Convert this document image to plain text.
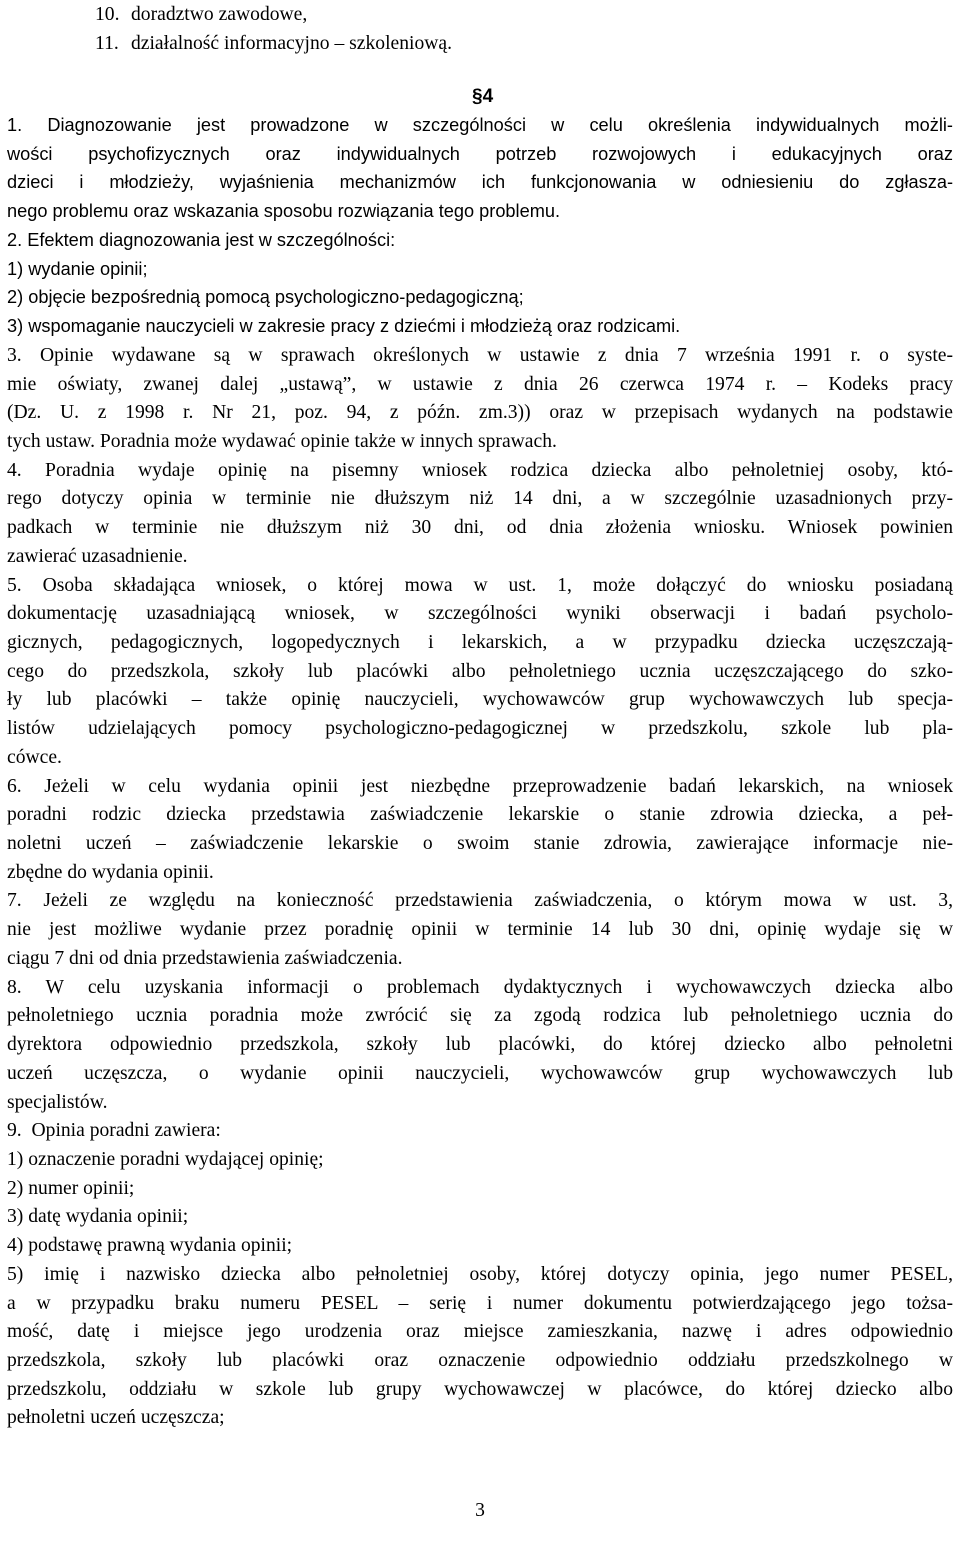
10. doradztwo zawodowe,
11. działalność informacyjno – szkoleniową.
§4
1. Diagnozowanie jest prowadzone w szczególności w celu określenia indywidualnych możli-
wości psychofizycznych oraz indywidualnych potrzeb rozwojowych i edukacyjnych oraz
dzieci i młodzieży, wyjaśnienia mechanizmów ich funkcjonowania w odniesieniu do zgłasza-
nego problemu oraz wskazania sposobu rozwiązania tego problemu.
2. Efektem diagnozowania jest w szczególności:
1) wydanie opinii;
2) objęcie bezpośrednią pomocą psychologiczno-pedagogiczną;
3) wspomaganie nauczycieli w zakresie pracy z dziećmi i młodzieżą oraz rodzicami.
3. Opinie wydawane są w sprawach określonych w ustawie z dnia 7 września 1991 r. o syste-
mie oświaty, zwanej dalej „ustawą”, w ustawie z dnia 26 czerwca 1974 r. – Kodeks pracy
(Dz. U. z 1998 r. Nr 21, poz. 94, z późn. zm.3)) oraz w przepisach wydanych na podstawie
tych ustaw. Poradnia może wydawać opinie także w innych sprawach.
4. Poradnia wydaje opinię na pisemny wniosek rodzica dziecka albo pełnoletniej osoby, któ-
rego dotyczy opinia w terminie nie dłuższym niż 14 dni, a w szczególnie uzasadnionych przy-
padkach w terminie nie dłuższym niż 30 dni, od dnia złożenia wniosku. Wniosek powinien
zawierać uzasadnienie.
5. Osoba składająca wniosek, o której mowa w ust. 1, może dołączyć do wniosku posiadaną
dokumentację uzasadniającą wniosek, w szczególności wyniki obserwacji i badań psycholo-
gicznych, pedagogicznych, logopedycznych i lekarskich, a w przypadku dziecka uczęszczają-
cego do przedszkola, szkoły lub placówki albo pełnoletniego ucznia uczęszczającego do szko-
ły lub placówki – także opinię nauczycieli, wychowawców grup wychowawczych lub specja-
listów udzielających pomocy psychologiczno-pedagogicznej w przedszkolu, szkole lub pla-
cówce.
6. Jeżeli w celu wydania opinii jest niezbędne przeprowadzenie badań lekarskich, na wniosek
poradni rodzic dziecka przedstawia zaświadczenie lekarskie o stanie zdrowia dziecka, a peł-
noletni uczeń – zaświadczenie lekarskie o swoim stanie zdrowia, zawierające informacje nie-
zbędne do wydania opinii.
7. Jeżeli ze względu na konieczność przedstawienia zaświadczenia, o którym mowa w ust. 3,
nie jest możliwe wydanie przez poradnię opinii w terminie 14 lub 30 dni, opinię wydaje się w
ciągu 7 dni od dnia przedstawienia zaświadczenia.
8. W celu uzyskania informacji o problemach dydaktycznych i wychowawczych dziecka albo
pełnoletniego ucznia poradnia może zwrócić się za zgodą rodzica lub pełnoletniego ucznia do
dyrektora odpowiednio przedszkola, szkoły lub placówki, do której dziecko albo pełnoletni
uczeń uczęszcza, o wydanie opinii nauczycieli, wychowawców grup wychowawczych lub
specjalistów.
9.  Opinia poradni zawiera:
1) oznaczenie poradni wydającej opinię;
2) numer opinii;
3) datę wydania opinii;
4) podstawę prawną wydania opinii;
5) imię i nazwisko dziecka albo pełnoletniej osoby, której dotyczy opinia, jego numer PESEL,
a w przypadku braku numeru PESEL – serię i numer dokumentu potwierdzającego jego tożsa-
mość, datę i miejsce jego urodzenia oraz miejsce zamieszkania, nazwę i adres odpowiednio
przedszkola, szkoły lub placówki oraz oznaczenie odpowiednio oddziału przedszkolnego w
przedszkolu, oddziału w szkole lub grupy wychowawczej w placówce, do której dziecko albo
pełnoletni uczeń uczęszcza;
3
